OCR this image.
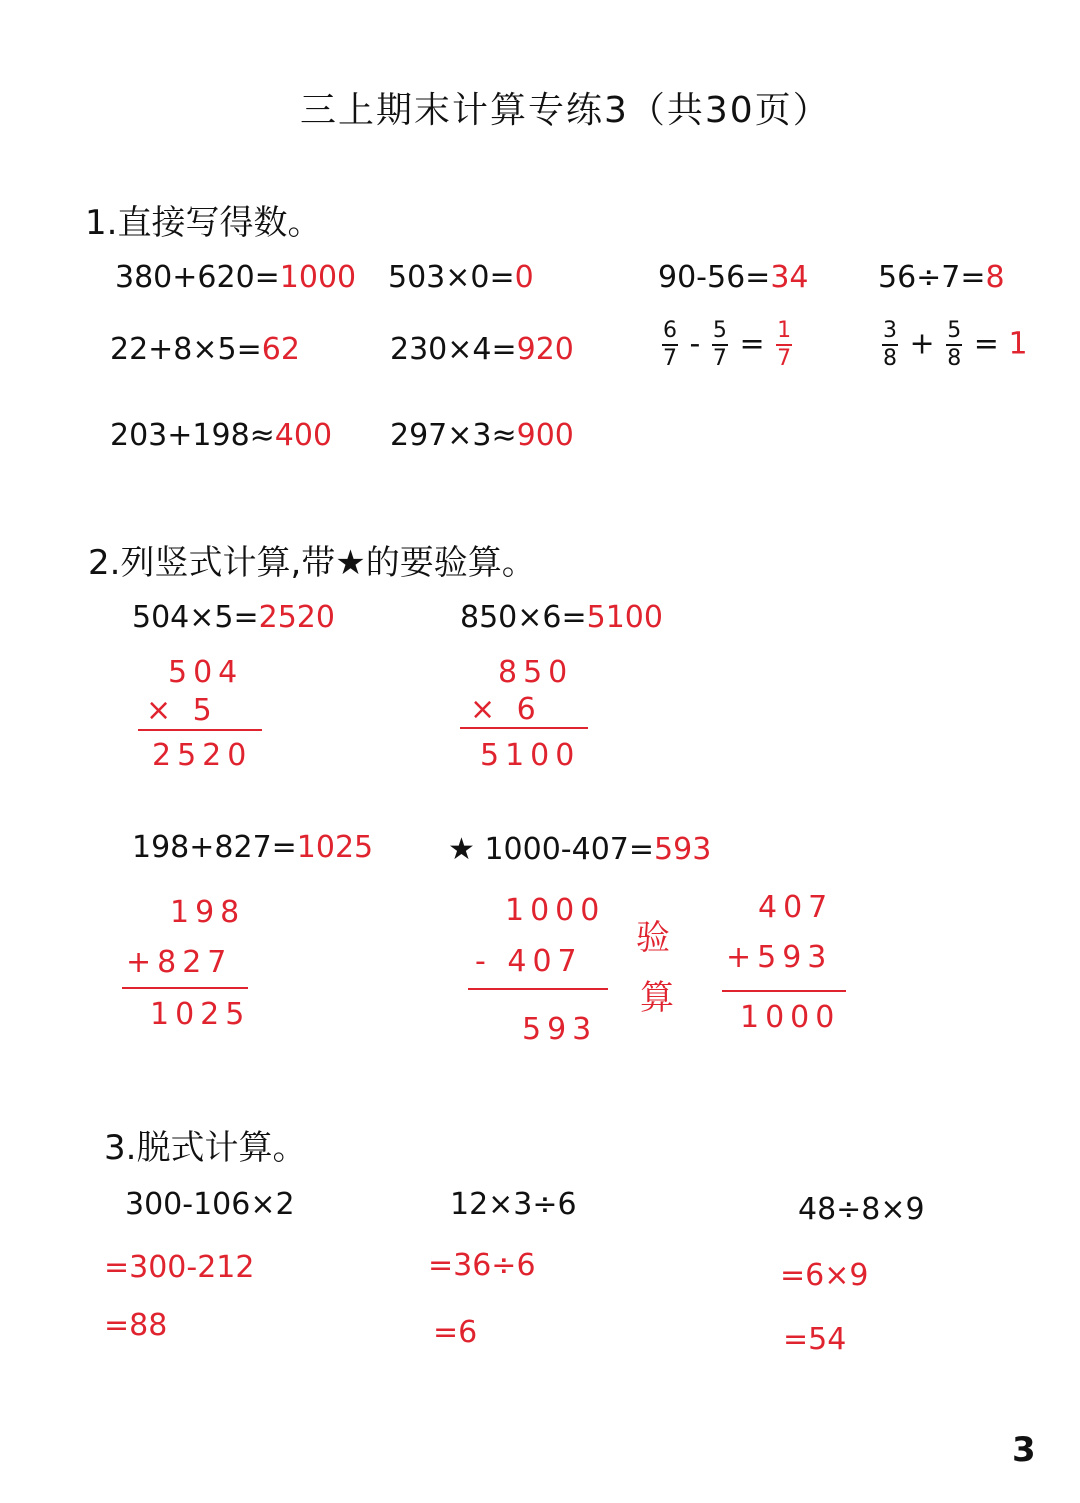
三上期末计算专练3（共30页）
1.直接写得数。
380+620=1000 503×0=0	90-56=34 56÷7=8
22+8×5=62	230×4=920	$\frac{6}{7} - \frac{5}{7} = \frac{1}{7}$	$\frac{3}{8} + \frac{5}{8} = 1$
203+198≈400 297×3≈900
2.列竖式计算,带★的要验算。
504×5=2520
504
× 5
2520
850×6=5100
850
× 6
5100
198+827=1025
198
+827
1025
★ 1000-407=593
1000
- 407
593
验
算
407
+593
1000
3.脱式计算。
300-106×2
=300-212
=88
12×3÷6
=36÷6
=6
48÷8×9
=6×9
=54
3
